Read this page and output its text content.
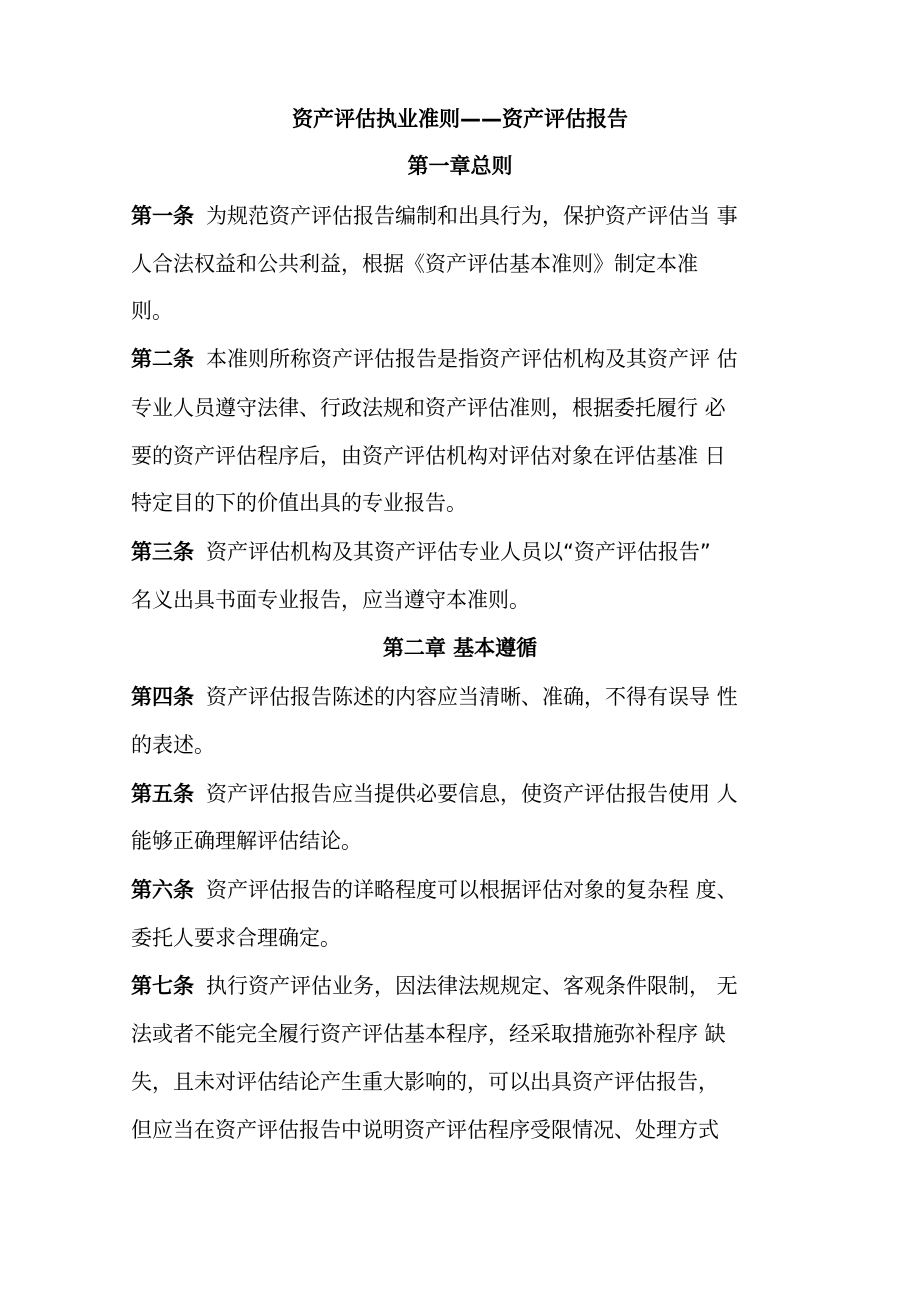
资产评估执业准则——资产评估报告
第一章总则
第一条 为规范资产评估报告编制和出具行为，保护资产评估当 事
人合法权益和公共利益，根据《资产评估基本准则》制定本准
则。
第二条 本准则所称资产评估报告是指资产评估机构及其资产评 估
专业人员遵守法律、行政法规和资产评估准则，根据委托履行 必
要的资产评估程序后，由资产评估机构对评估对象在评估基准 日
特定目的下的价值出具的专业报告。
第三条 资产评估机构及其资产评估专业人员以“资产评估报告”
名义出具书面专业报告，应当遵守本准则。
第二章 基本遵循
第四条 资产评估报告陈述的内容应当清晰、准确，不得有误导 性
的表述。
第五条 资产评估报告应当提供必要信息，使资产评估报告使用 人
能够正确理解评估结论。
第六条 资产评估报告的详略程度可以根据评估对象的复杂程 度、
委托人要求合理确定。
第七条 执行资产评估业务，因法律法规规定、客观条件限制， 无
法或者不能完全履行资产评估基本程序，经采取措施弥补程序 缺
失，且未对评估结论产生重大影响的，可以出具资产评估报告，
但应当在资产评估报告中说明资产评估程序受限情况、处理方式
